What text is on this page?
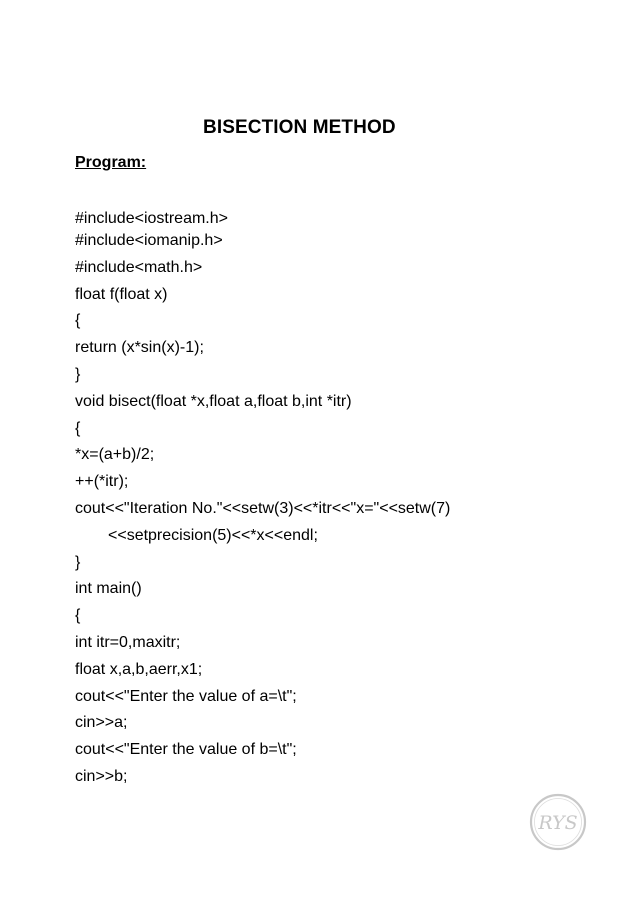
BISECTION METHOD
Program:
#include<iostream.h>
#include<iomanip.h>
#include<math.h>
float f(float x)
{
return (x*sin(x)-1);
}
void bisect(float *x,float a,float b,int *itr)
{
*x=(a+b)/2;
++(*itr);
cout<<"Iteration No."<<setw(3)<<*itr<<"x="<<setw(7)
<<setprecision(5)<<*x<<endl;
}
int main()
{
int itr=0,maxitr;
float x,a,b,aerr,x1;
cout<<"Enter the value of a=\t";
cin>>a;
cout<<"Enter the value of b=\t";
cin>>b;
RYS
